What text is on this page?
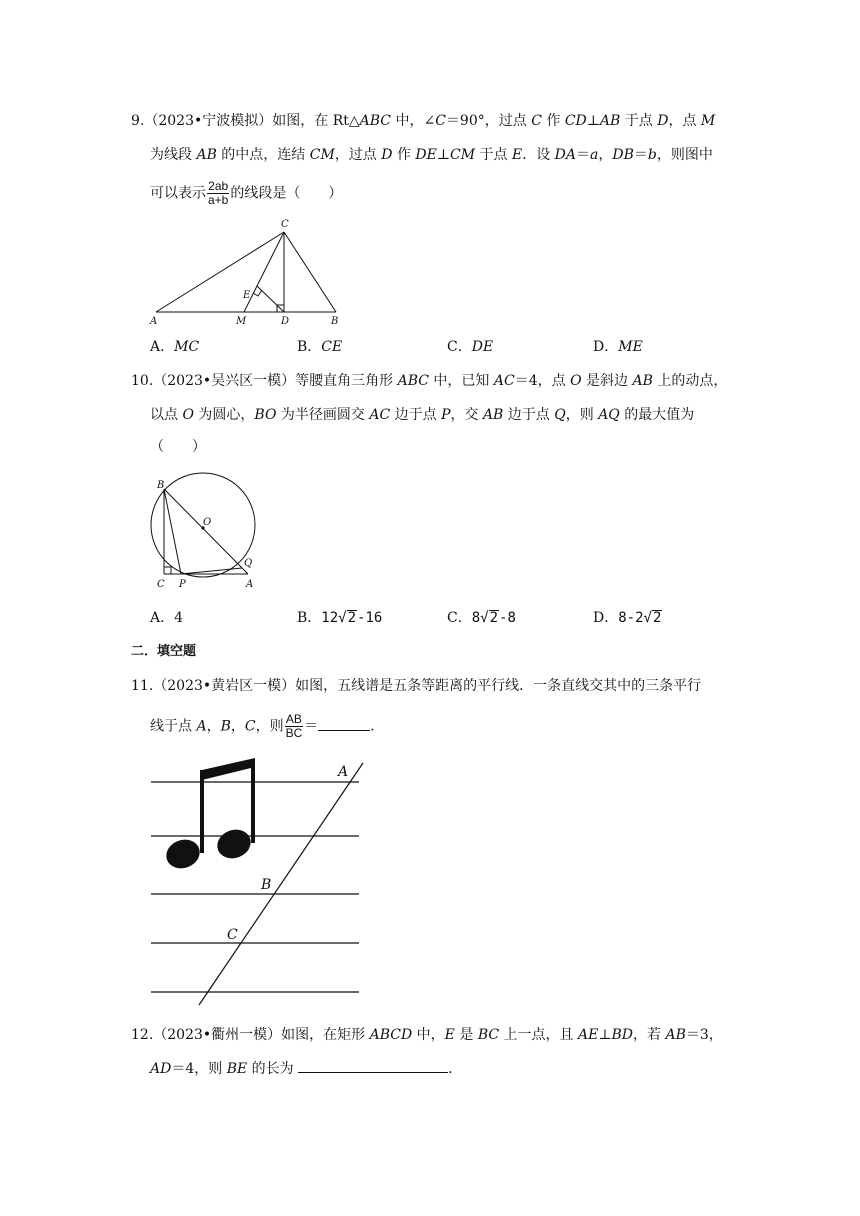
9.（2023•宁波模拟）如图，在 Rt△ABC 中，∠C＝90°，过点 C 作 CD⊥AB 于点 D，点 M
为线段 AB 的中点，连结 CM，过点 D 作 DE⊥CM 于点 E．设 DA＝a，DB＝b，则图中
可以表示 $\frac{2ab}{a+b}$ 的线段是（　　）
A	M	D	B
C
E
A．MC	B．CE	C．DE	D．ME
10.（2023•吴兴区一模）等腰直角三角形 ABC 中，已知 AC＝4，点 O 是斜边 AB 上的动点，
以点 O 为圆心，BO 为半径画圆交 AC 边于点 P，交 AB 边于点 Q，则 AQ 的最大值为
（　　）
B
O
Q
C P	A
A．4	B．12√2-16	C．8√2-8	D．8-2√2
二．填空题
11.（2023•黄岩区一模）如图，五线谱是五条等距离的平行线．一条直线交其中的三条平行
线于点 A，B，C，则 $\frac{AB}{BC}$ ＝	．
A
B
C
12.（2023•衢州一模）如图，在矩形 ABCD 中，E 是 BC 上一点，且 AE⊥BD，若 AB＝3，
AD＝4，则 BE 的长为	．
